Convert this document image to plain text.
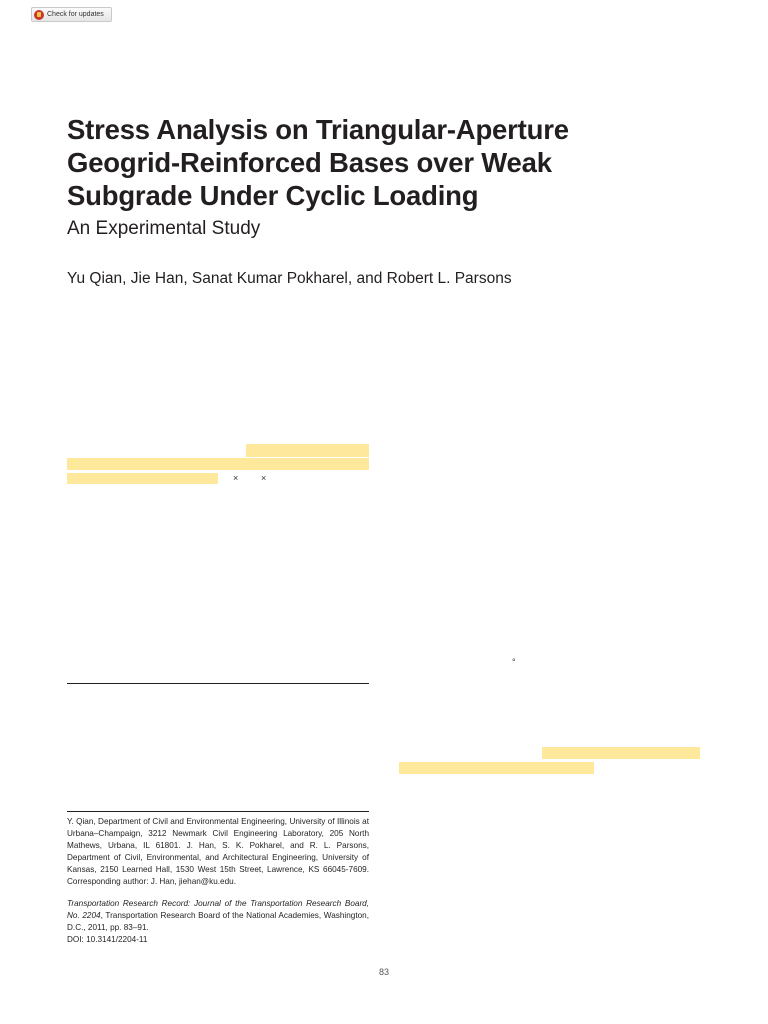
Check for updates
Stress Analysis on Triangular-Aperture Geogrid-Reinforced Bases over Weak Subgrade Under Cyclic Loading
An Experimental Study
Yu Qian, Jie Han, Sanat Kumar Pokharel, and Robert L. Parsons
×	×
°
Y. Qian, Department of Civil and Environmental Engineering, University of Illinois at Urbana–Champaign, 3212 Newmark Civil Engineering Laboratory, 205 North Mathews, Urbana, IL 61801. J. Han, S. K. Pokharel, and R. L. Parsons, Department of Civil, Environmental, and Architectural Engineering, University of Kansas, 2150 Learned Hall, 1530 West 15th Street, Lawrence, KS 66045-7609. Corresponding author: J. Han, jiehan@ku.edu.
Transportation Research Record: Journal of the Transportation Research Board, No. 2204, Transportation Research Board of the National Academies, Washington, D.C., 2011, pp. 83–91.
DOI: 10.3141/2204-11
83
